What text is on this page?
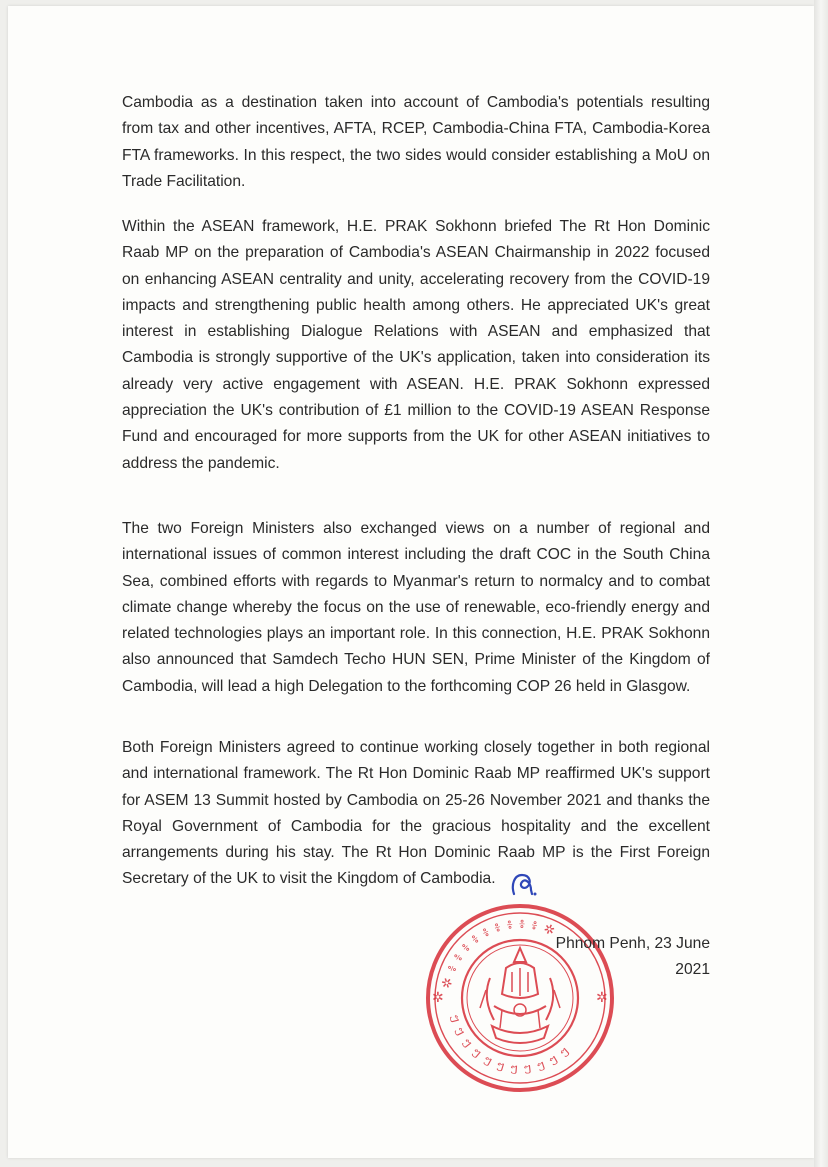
Cambodia as a destination taken into account of Cambodia's potentials resulting from tax and other incentives, AFTA, RCEP, Cambodia-China FTA, Cambodia-Korea FTA frameworks. In this respect, the two sides would consider establishing a MoU on Trade Facilitation.

Within the ASEAN framework, H.E. PRAK Sokhonn briefed The Rt Hon Dominic Raab MP on the preparation of Cambodia's ASEAN Chairmanship in 2022 focused on enhancing ASEAN centrality and unity, accelerating recovery from the COVID-19 impacts and strengthening public health among others. He appreciated UK's great interest in establishing Dialogue Relations with ASEAN and emphasized that Cambodia is strongly supportive of the UK's application, taken into consideration its already very active engagement with ASEAN. H.E. PRAK Sokhonn expressed appreciation the UK's contribution of £1 million to the COVID-19 ASEAN Response Fund and encouraged for more supports from the UK for other ASEAN initiatives to address the pandemic.

The two Foreign Ministers also exchanged views on a number of regional and international issues of common interest including the draft COC in the South China Sea, combined efforts with regards to Myanmar's return to normalcy and to combat climate change whereby the focus on the use of renewable, eco-friendly energy and related technologies plays an important role. In this connection, H.E. PRAK Sokhonn also announced that Samdech Techo HUN SEN, Prime Minister of the Kingdom of Cambodia, will lead a high Delegation to the forthcoming COP 26 held in Glasgow.

Both Foreign Ministers agreed to continue working closely together in both regional and international framework. The Rt Hon Dominic Raab MP reaffirmed UK's support for ASEM 13 Summit hosted by Cambodia on 25-26 November 2021 and thanks the Royal Government of Cambodia for the gracious hospitality and the excellent arrangements during his stay. The Rt Hon Dominic Raab MP is the First Foreign Secretary of the UK to visit the Kingdom of Cambodia.

✲ ៖ ៖ ៖ ៖ ៖ ៖ ៖ ៖ ៖ ✲
ៗ ៗ ៗ ៗ ៗ ៗ ៗ ៗ ៗ ៗ ៗ
✲	✲

Phnom Penh, 23 June 2021
